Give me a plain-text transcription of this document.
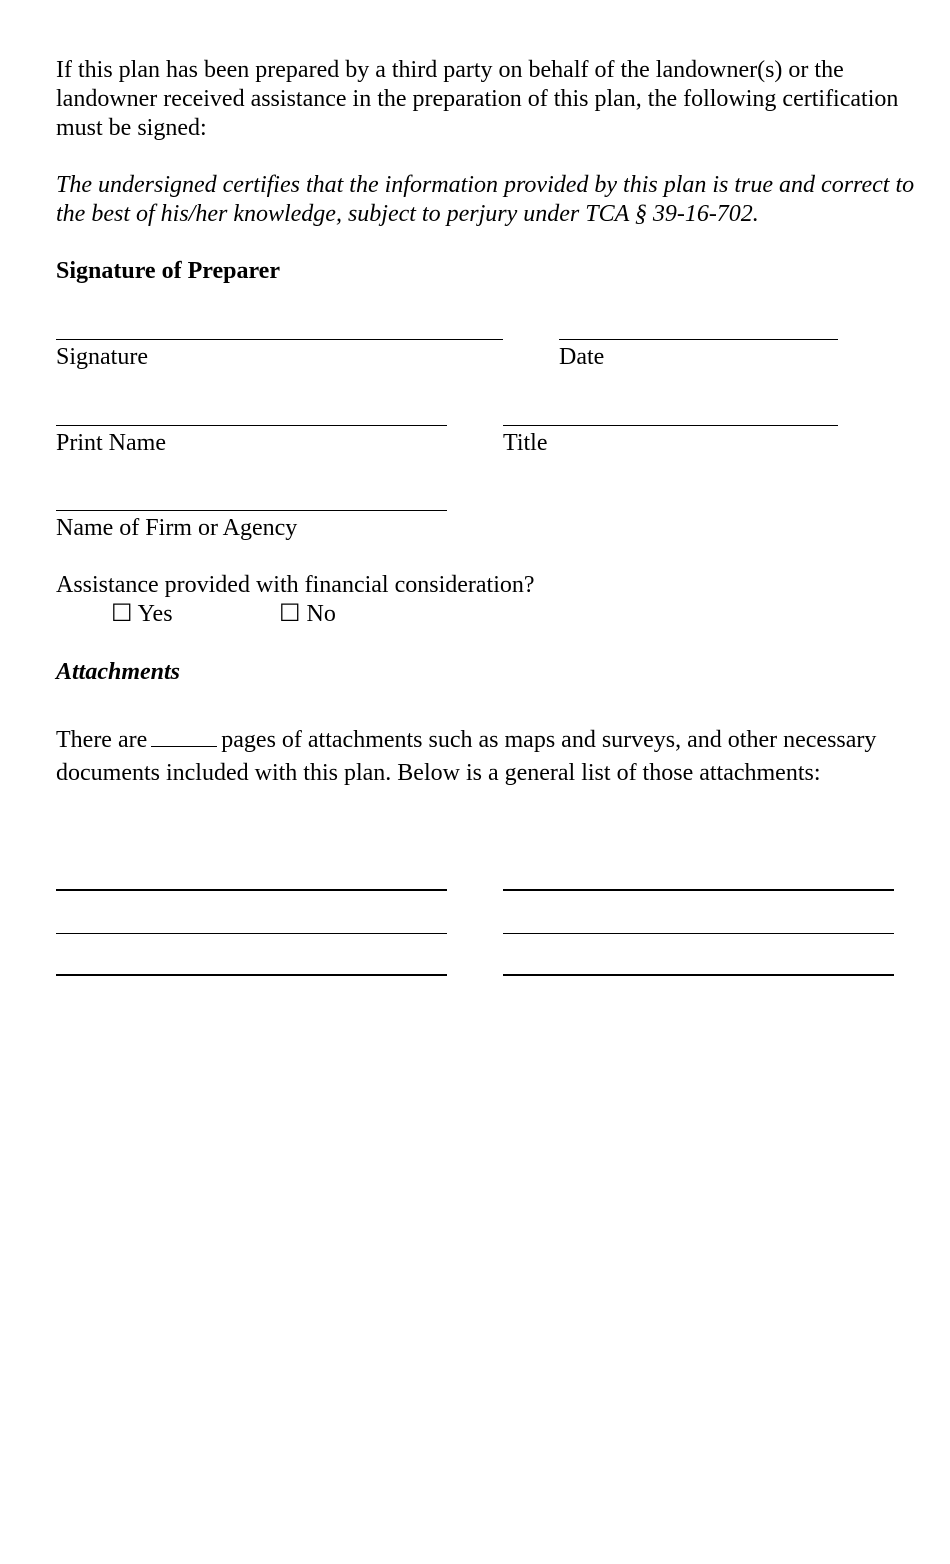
If this plan has been prepared by a third party on behalf of the landowner(s) or the landowner received assistance in the preparation of this plan, the following certification must be signed:

The undersigned certifies that the information provided by this plan is true and correct to the best of his/her knowledge, subject to perjury under TCA § 39-16-702.

Signature of Preparer
Signature	Date
Print Name	Title
Name of Firm or Agency
Assistance provided with financial consideration?
☐ Yes	☐ No
Attachments

There are	pages of attachments such as maps and surveys, and other necessary documents included with this plan. Below is a general list of those attachments:
